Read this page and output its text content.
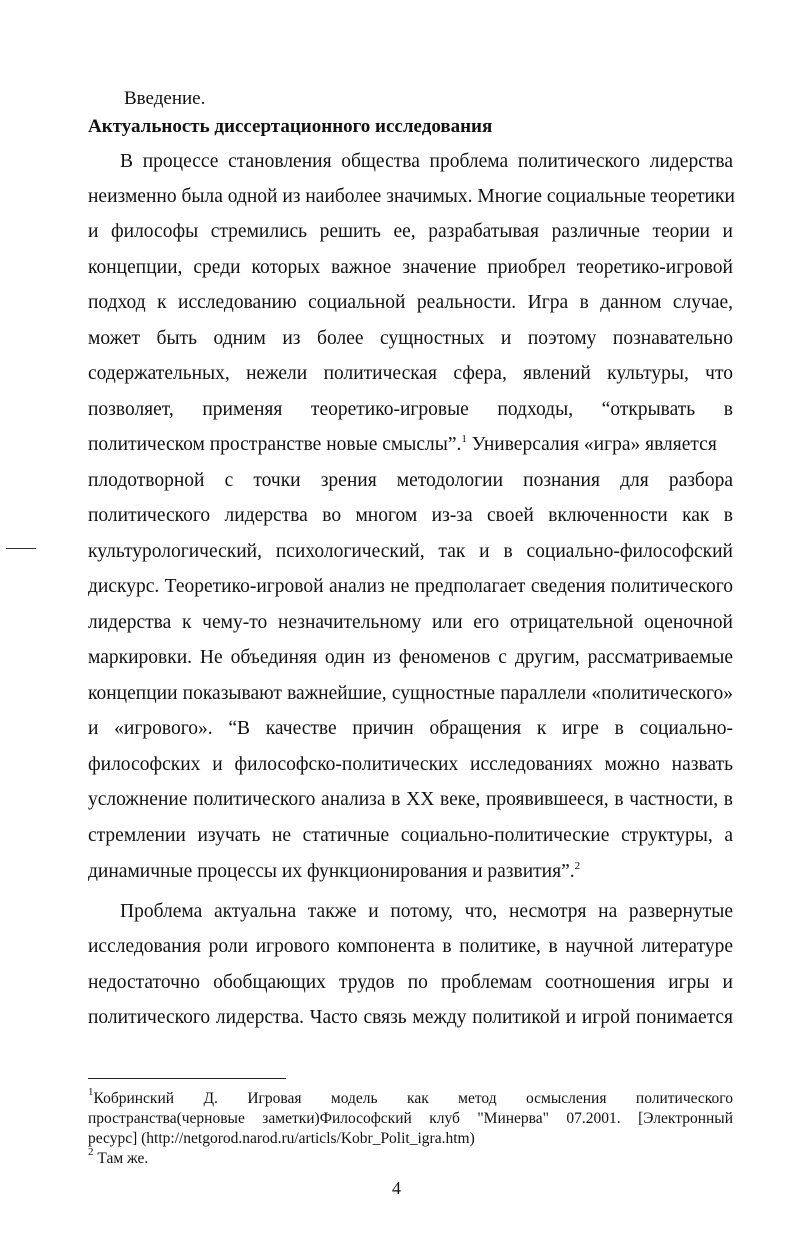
Введение.
Актуальность диссертационного исследования
В процессе становления общества проблема политического лидерства
неизменно была одной из наиболее значимых. Многие социальные теоретики
и философы стремились решить ее, разрабатывая различные теории и
концепции, среди которых важное значение приобрел теоретико-игровой
подход к исследованию социальной реальности. Игра в данном случае,
может быть одним из более сущностных и поэтому познавательно
содержательных, нежели политическая сфера, явлений культуры, что
позволяет, применяя теоретико-игровые подходы, “открывать в
политическом пространстве новые смыслы”.$^1$ Универсалия «игра» является
плодотворной с точки зрения методологии познания для разбора
политического лидерства во многом из-за своей включенности как в
культурологический, психологический, так и в социально-философский
дискурс. Теоретико-игровой анализ не предполагает сведения политического
лидерства к чему-то незначительному или его отрицательной оценочной
маркировки. Не объединяя один из феноменов с другим, рассматриваемые
концепции показывают важнейшие, сущностные параллели «политического»
и «игрового». “В качестве причин обращения к игре в социально-
философских и философско-политических исследованиях можно назвать
усложнение политического анализа в ХХ веке, проявившееся, в частности, в
стремлении изучать не статичные социально-политические структуры, а
динамичные процессы их функционирования и развития”.$^2$
Проблема актуальна также и потому, что, несмотря на развернутые
исследования роли игрового компонента в политике, в научной литературе
недостаточно обобщающих трудов по проблемам соотношения игры и
политического лидерства. Часто связь между политикой и игрой понимается
$^1$Кобринский Д. Игровая модель как метод осмысления политического
пространства(черновые заметки)Философский клуб "Минерва" 07.2001. [Электронный
ресурс] (http://netgorod.narod.ru/articls/Kobr_Polit_igra.htm)
$^2$ Там же.
4
